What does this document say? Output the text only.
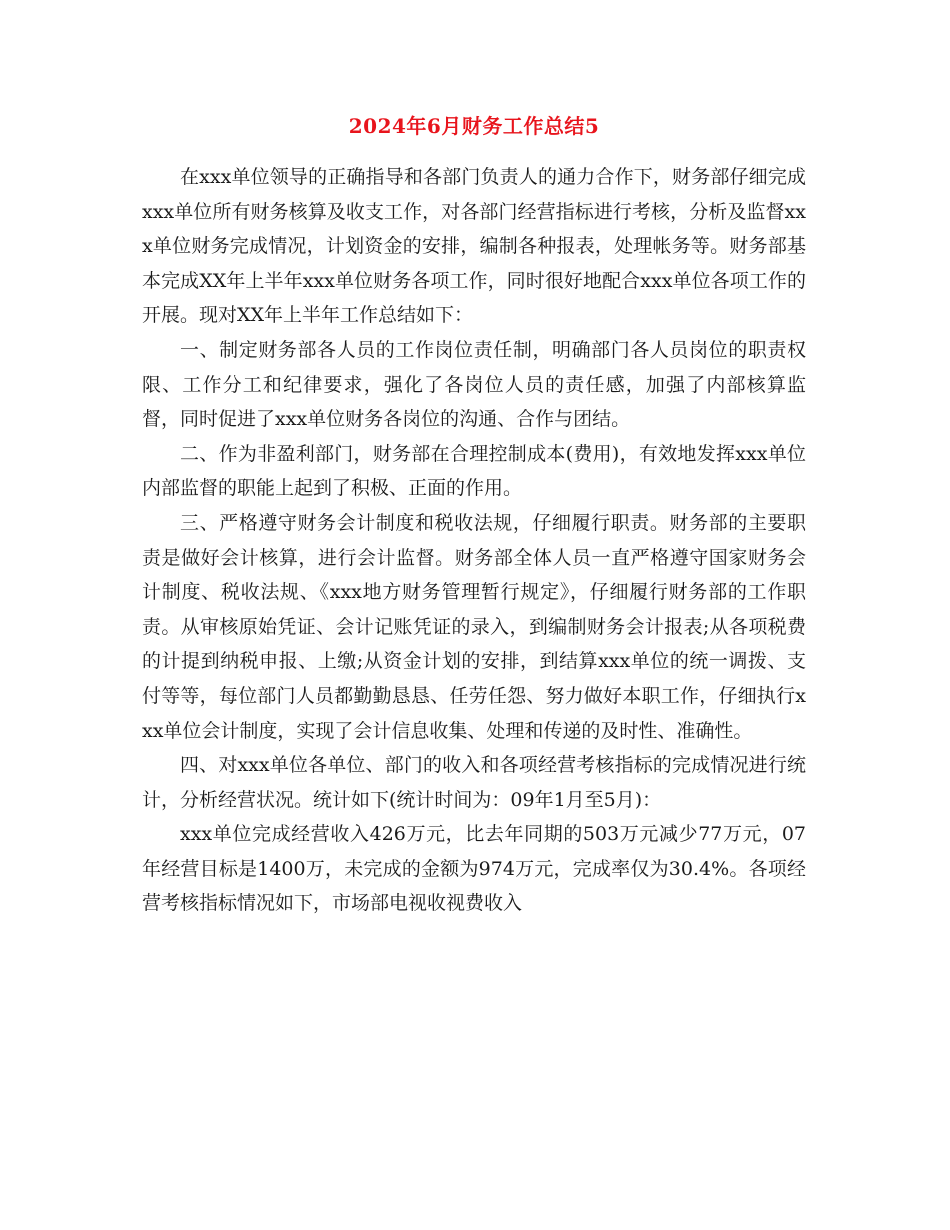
2024年6月财务工作总结5

在xxx单位领导的正确指导和各部门负责人的通力合作下，财务部仔细完成xxx单位所有财务核算及收支工作，对各部门经营指标进行考核，分析及监督xxx单位财务完成情况，计划资金的安排，编制各种报表，处理帐务等。财务部基本完成XX年上半年xxx单位财务各项工作，同时很好地配合xxx单位各项工作的开展。现对XX年上半年工作总结如下：

一、制定财务部各人员的工作岗位责任制，明确部门各人员岗位的职责权限、工作分工和纪律要求，强化了各岗位人员的责任感，加强了内部核算监督，同时促进了xxx单位财务各岗位的沟通、合作与团结。

二、作为非盈利部门，财务部在合理控制成本(费用)，有效地发挥xxx单位内部监督的职能上起到了积极、正面的作用。

三、严格遵守财务会计制度和税收法规，仔细履行职责。财务部的主要职责是做好会计核算，进行会计监督。财务部全体人员一直严格遵守国家财务会计制度、税收法规、《xxx地方财务管理暂行规定》，仔细履行财务部的工作职责。从审核原始凭证、会计记账凭证的录入，到编制财务会计报表;从各项税费的计提到纳税申报、上缴;从资金计划的安排，到结算xxx单位的统一调拨、支付等等，每位部门人员都勤勤恳恳、任劳任怨、努力做好本职工作，仔细执行xxx单位会计制度，实现了会计信息收集、处理和传递的及时性、准确性。

四、对xxx单位各单位、部门的收入和各项经营考核指标的完成情况进行统计，分析经营状况。统计如下(统计时间为：09年1月至5月)：

xxx单位完成经营收入426万元，比去年同期的503万元减少77万元，07年经营目标是1400万，未完成的金额为974万元，完成率仅为30.4%。各项经营考核指标情况如下，市场部电视收视费收入
